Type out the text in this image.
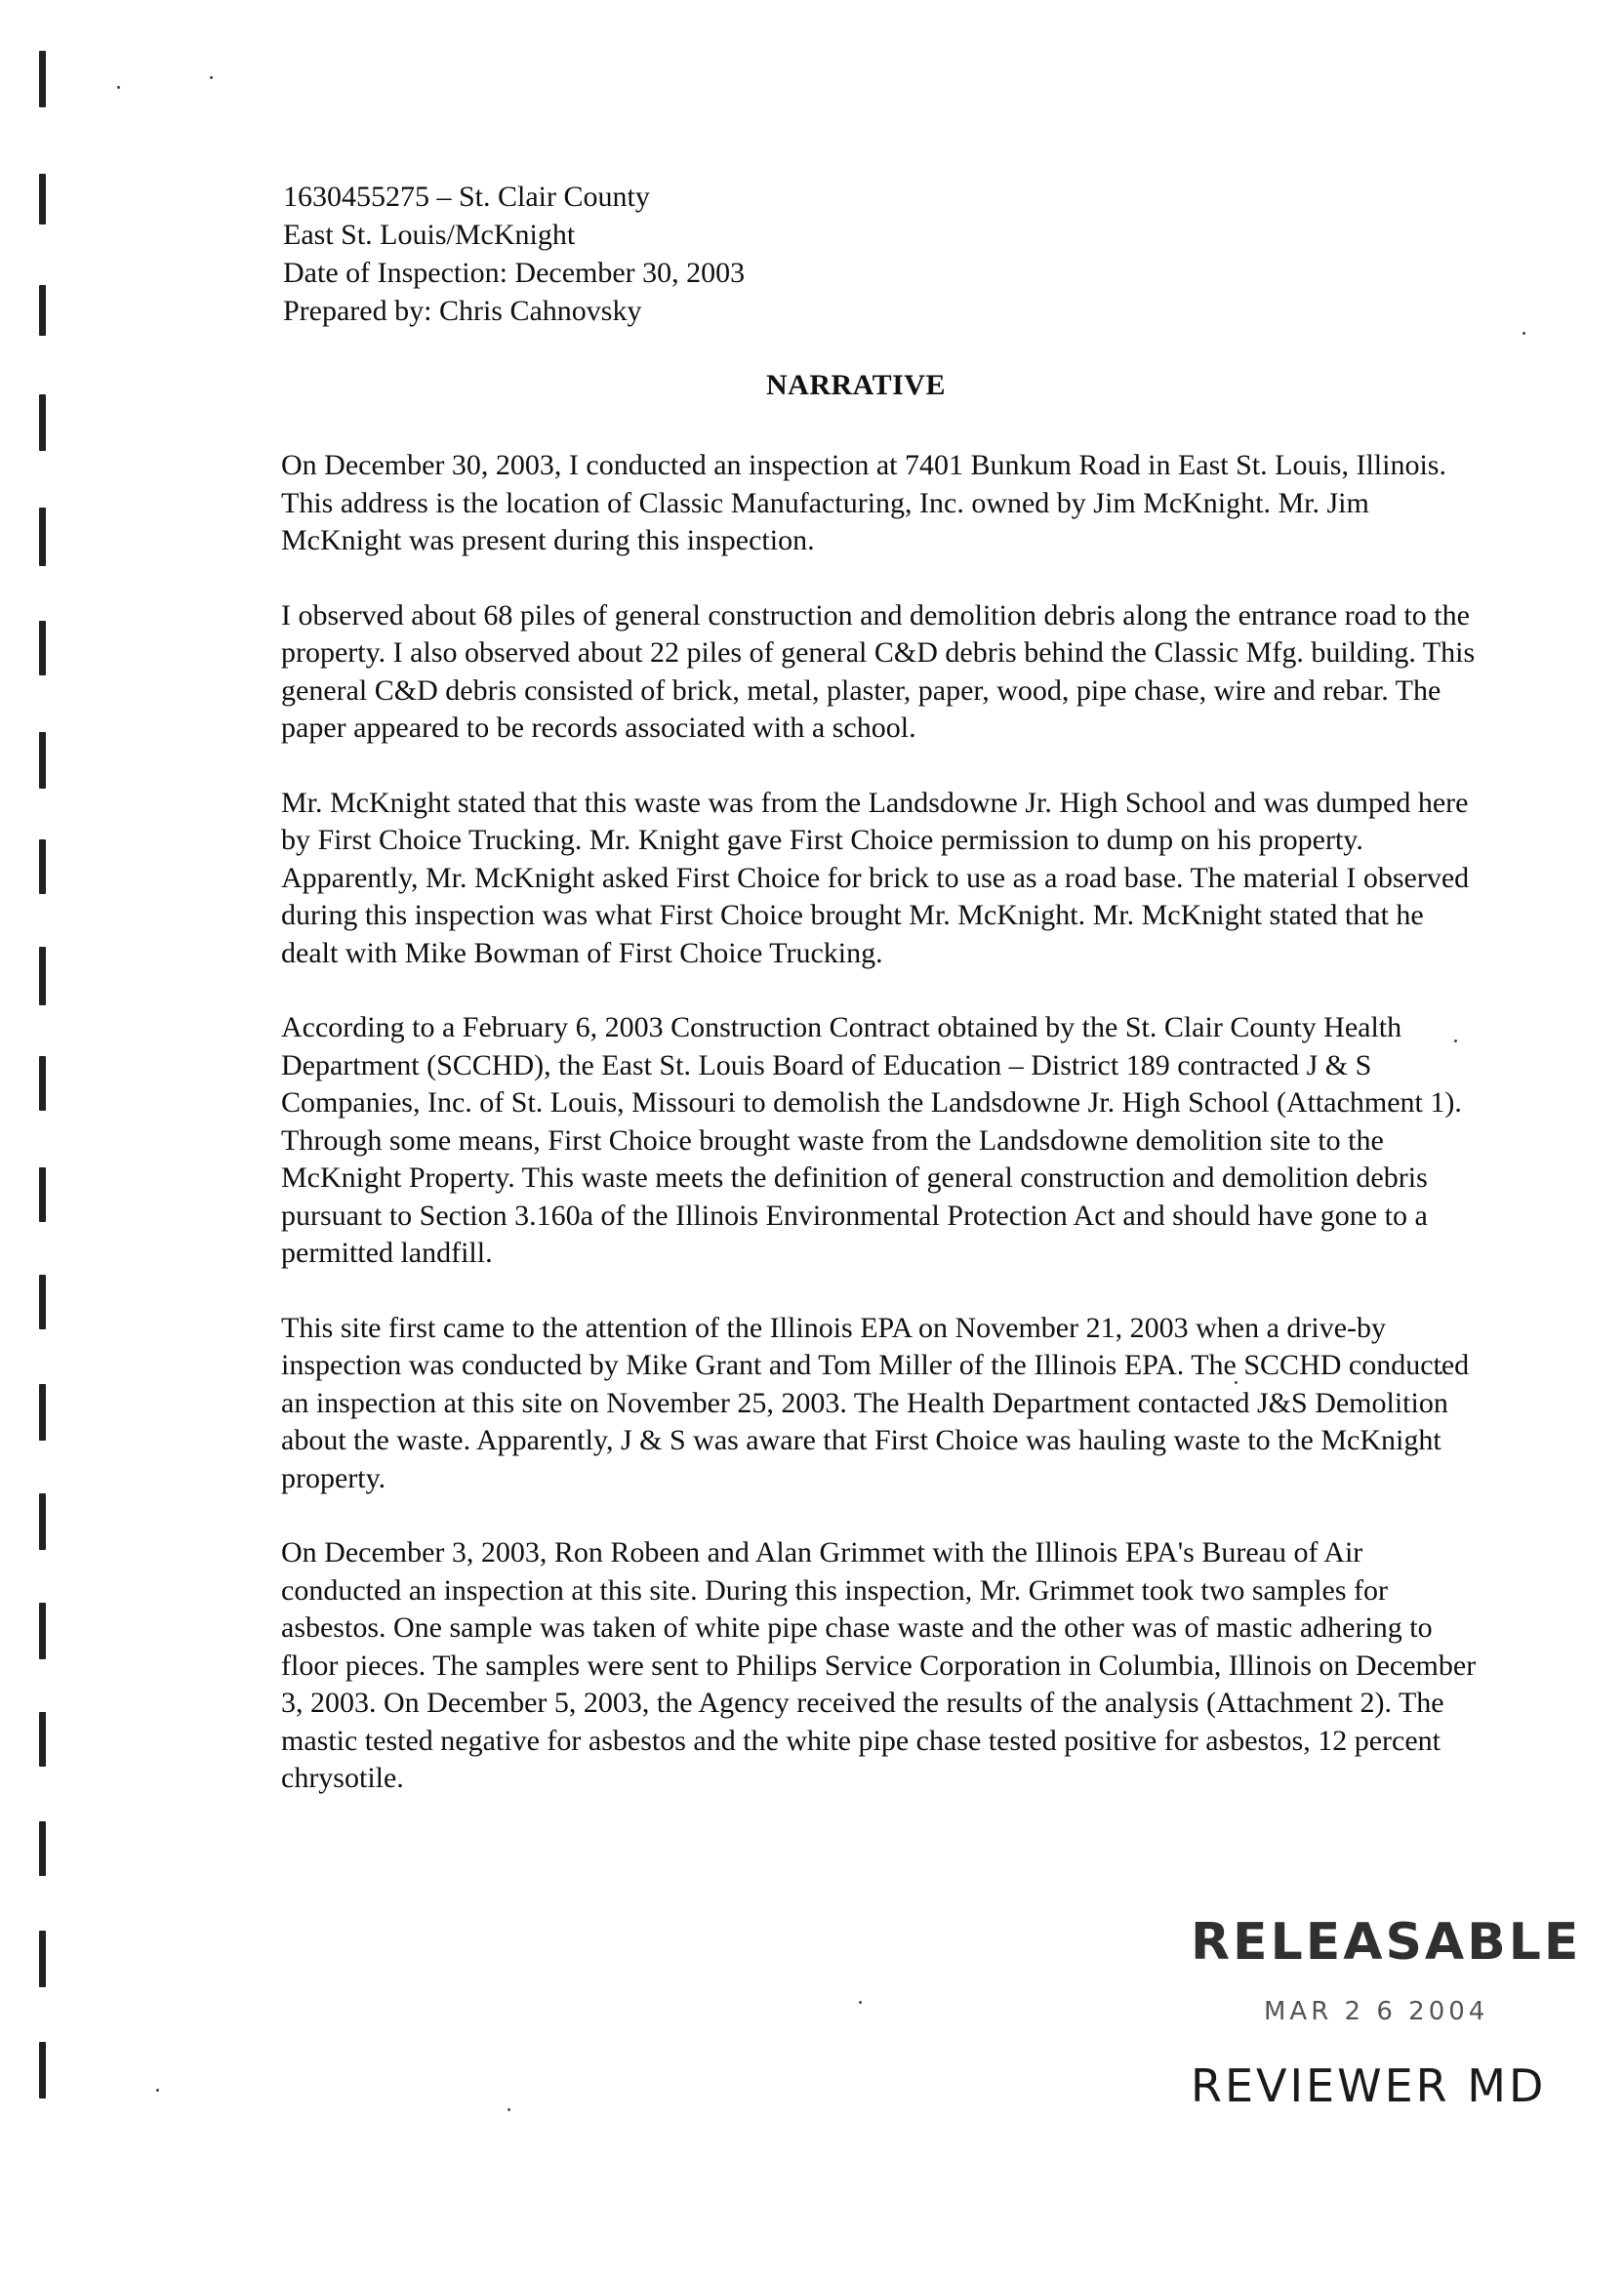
1630455275 – St. Clair County
East St. Louis/McKnight
Date of Inspection: December 30, 2003
Prepared by: Chris Cahnovsky
NARRATIVE

On December 30, 2003, I conducted an inspection at 7401 Bunkum Road in East St. Louis, Illinois. This address is the location of Classic Manufacturing, Inc. owned by Jim McKnight. Mr. Jim McKnight was present during this inspection.

I observed about 68 piles of general construction and demolition debris along the entrance road to the property. I also observed about 22 piles of general C&D debris behind the Classic Mfg. building. This general C&D debris consisted of brick, metal, plaster, paper, wood, pipe chase, wire and rebar. The paper appeared to be records associated with a school.

Mr. McKnight stated that this waste was from the Landsdowne Jr. High School and was dumped here by First Choice Trucking. Mr. Knight gave First Choice permission to dump on his property. Apparently, Mr. McKnight asked First Choice for brick to use as a road base. The material I observed during this inspection was what First Choice brought Mr. McKnight. Mr. McKnight stated that he dealt with Mike Bowman of First Choice Trucking.

According to a February 6, 2003 Construction Contract obtained by the St. Clair County Health Department (SCCHD), the East St. Louis Board of Education – District 189 contracted J & S Companies, Inc. of St. Louis, Missouri to demolish the Landsdowne Jr. High School (Attachment 1). Through some means, First Choice brought waste from the Landsdowne demolition site to the McKnight Property. This waste meets the definition of general construction and demolition debris pursuant to Section 3.160a of the Illinois Environmental Protection Act and should have gone to a permitted landfill.

This site first came to the attention of the Illinois EPA on November 21, 2003 when a drive-by inspection was conducted by Mike Grant and Tom Miller of the Illinois EPA. The SCCHD conducted an inspection at this site on November 25, 2003. The Health Department contacted J&S Demolition about the waste. Apparently, J & S was aware that First Choice was hauling waste to the McKnight property.

On December 3, 2003, Ron Robeen and Alan Grimmet with the Illinois EPA's Bureau of Air conducted an inspection at this site. During this inspection, Mr. Grimmet took two samples for asbestos. One sample was taken of white pipe chase waste and the other was of mastic adhering to floor pieces. The samples were sent to Philips Service Corporation in Columbia, Illinois on December 3, 2003. On December 5, 2003, the Agency received the results of the analysis (Attachment 2). The mastic tested negative for asbestos and the white pipe chase tested positive for asbestos, 12 percent chrysotile.

RELEASABLE
MAR 2 6 2004
REVIEWER MD
